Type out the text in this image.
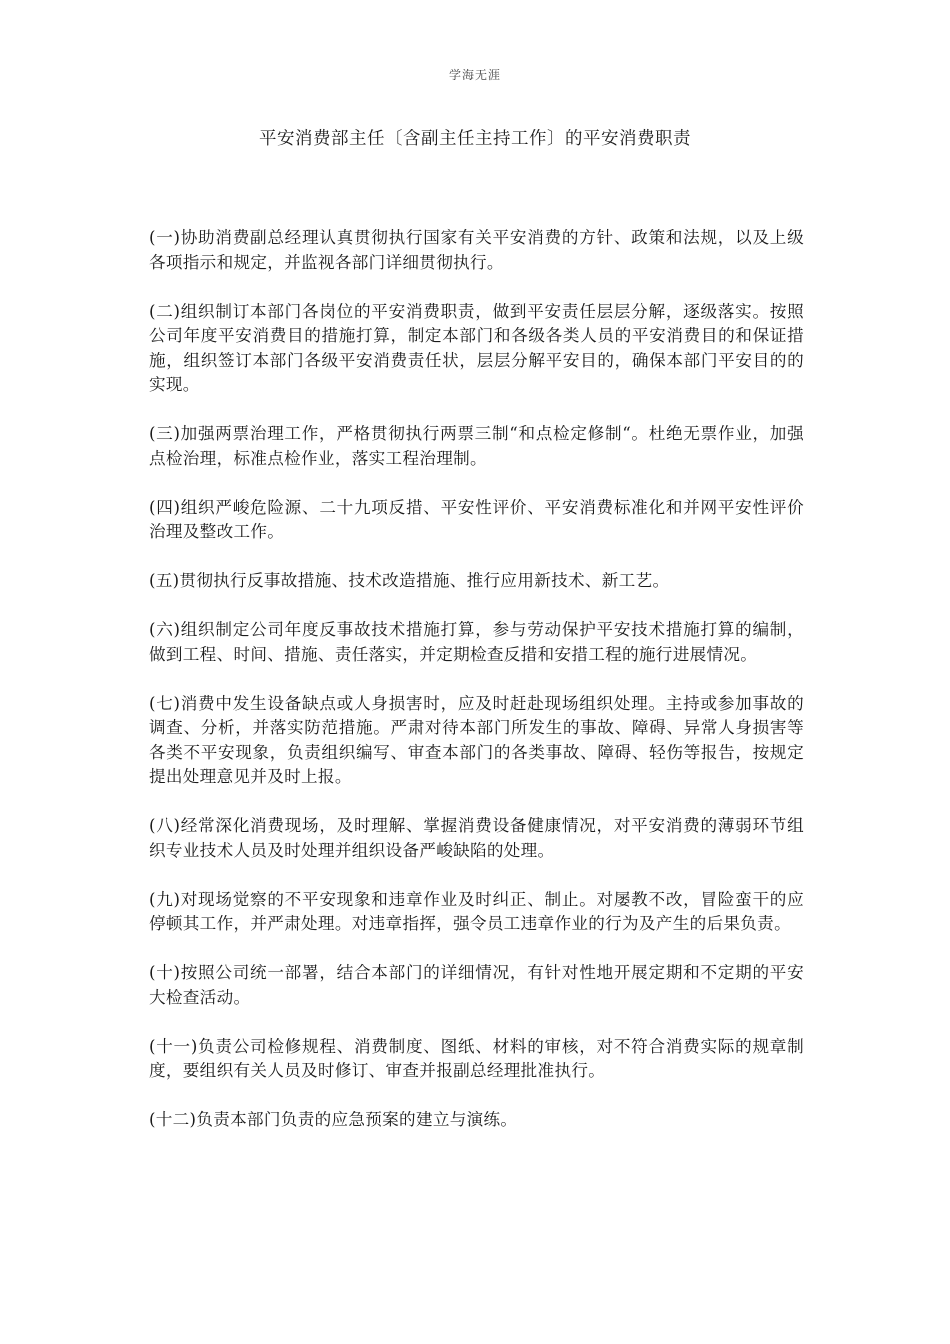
学海无涯
平安消费部主任〔含副主任主持工作〕的平安消费职责

(一)协助消费副总经理认真贯彻执行国家有关平安消费的方针、政策和法规，以及上级各项指示和规定，并监视各部门详细贯彻执行。

(二)组织制订本部门各岗位的平安消费职责，做到平安责任层层分解，逐级落实。按照公司年度平安消费目的措施打算，制定本部门和各级各类人员的平安消费目的和保证措施，组织签订本部门各级平安消费责任状，层层分解平安目的，确保本部门平安目的的实现。

(三)加强两票治理工作，严格贯彻执行两票三制“和点检定修制“。杜绝无票作业，加强点检治理，标准点检作业，落实工程治理制。

(四)组织严峻危险源、二十九项反措、平安性评价、平安消费标准化和并网平安性评价治理及整改工作。

(五)贯彻执行反事故措施、技术改造措施、推行应用新技术、新工艺。

(六)组织制定公司年度反事故技术措施打算，参与劳动保护平安技术措施打算的编制，做到工程、时间、措施、责任落实，并定期检查反措和安措工程的施行进展情况。

(七)消费中发生设备缺点或人身损害时，应及时赶赴现场组织处理。主持或参加事故的调查、分析，并落实防范措施。严肃对待本部门所发生的事故、障碍、异常人身损害等各类不平安现象，负责组织编写、审查本部门的各类事故、障碍、轻伤等报告，按规定提出处理意见并及时上报。

(八)经常深化消费现场，及时理解、掌握消费设备健康情况，对平安消费的薄弱环节组织专业技术人员及时处理并组织设备严峻缺陷的处理。

(九)对现场觉察的不平安现象和违章作业及时纠正、制止。对屡教不改，冒险蛮干的应停顿其工作，并严肃处理。对违章指挥，强令员工违章作业的行为及产生的后果负责。

(十)按照公司统一部署，结合本部门的详细情况，有针对性地开展定期和不定期的平安大检查活动。

(十一)负责公司检修规程、消费制度、图纸、材料的审核，对不符合消费实际的规章制度，要组织有关人员及时修订、审查并报副总经理批准执行。

(十二)负责本部门负责的应急预案的建立与演练。
